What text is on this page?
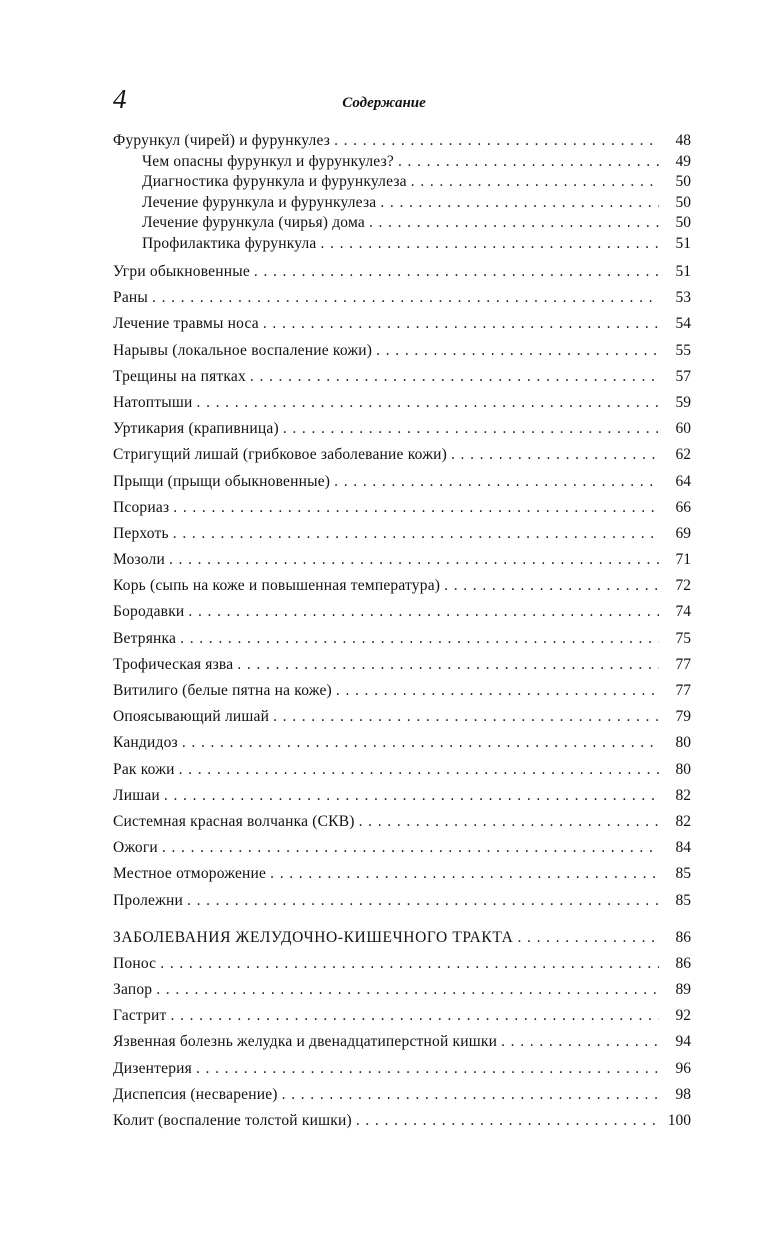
4	Содержание
Фурункул (чирей) и фурункулез . . .	48
Чем опасны фурункул и фурункулез? . . .	49
Диагностика фурункула и фурункулеза . . .	50
Лечение фурункула и фурункулеза . . .	50
Лечение фурункула (чирья) дома . . .	50
Профилактика фурункула . . .	51
Угри обыкновенные . . .	51
Раны . . .	53
Лечение травмы носа . . .	54
Нарывы (локальное воспаление кожи) . . .	55
Трещины на пятках . . .	57
Натоптыши . . .	59
Уртикария (крапивница) . . .	60
Стригущий лишай (грибковое заболевание кожи) . . .	62
Прыщи (прыщи обыкновенные) . . .	64
Псориаз . . .	66
Перхоть . . .	69
Мозоли . . .	71
Корь (сыпь на коже и повышенная температура) . . .	72
Бородавки . . .	74
Ветрянка . . .	75
Трофическая язва . . .	77
Витилиго (белые пятна на коже) . . .	77
Опоясывающий лишай . . .	79
Кандидоз . . .	80
Рак кожи . . .	80
Лишаи . . .	82
Системная красная волчанка (СКВ) . . .	82
Ожоги . . .	84
Местное отморожение . . .	85
Пролежни . . .	85
ЗАБОЛЕВАНИЯ ЖЕЛУДОЧНО-КИШЕЧНОГО ТРАКТА . . .	86
Понос . . .	86
Запор . . .	89
Гастрит . . .	92
Язвенная болезнь желудка и двенадцатиперстной кишки . . .	94
Дизентерия . . .	96
Диспепсия (несварение) . . .	98
Колит (воспаление толстой кишки) . . .	100
